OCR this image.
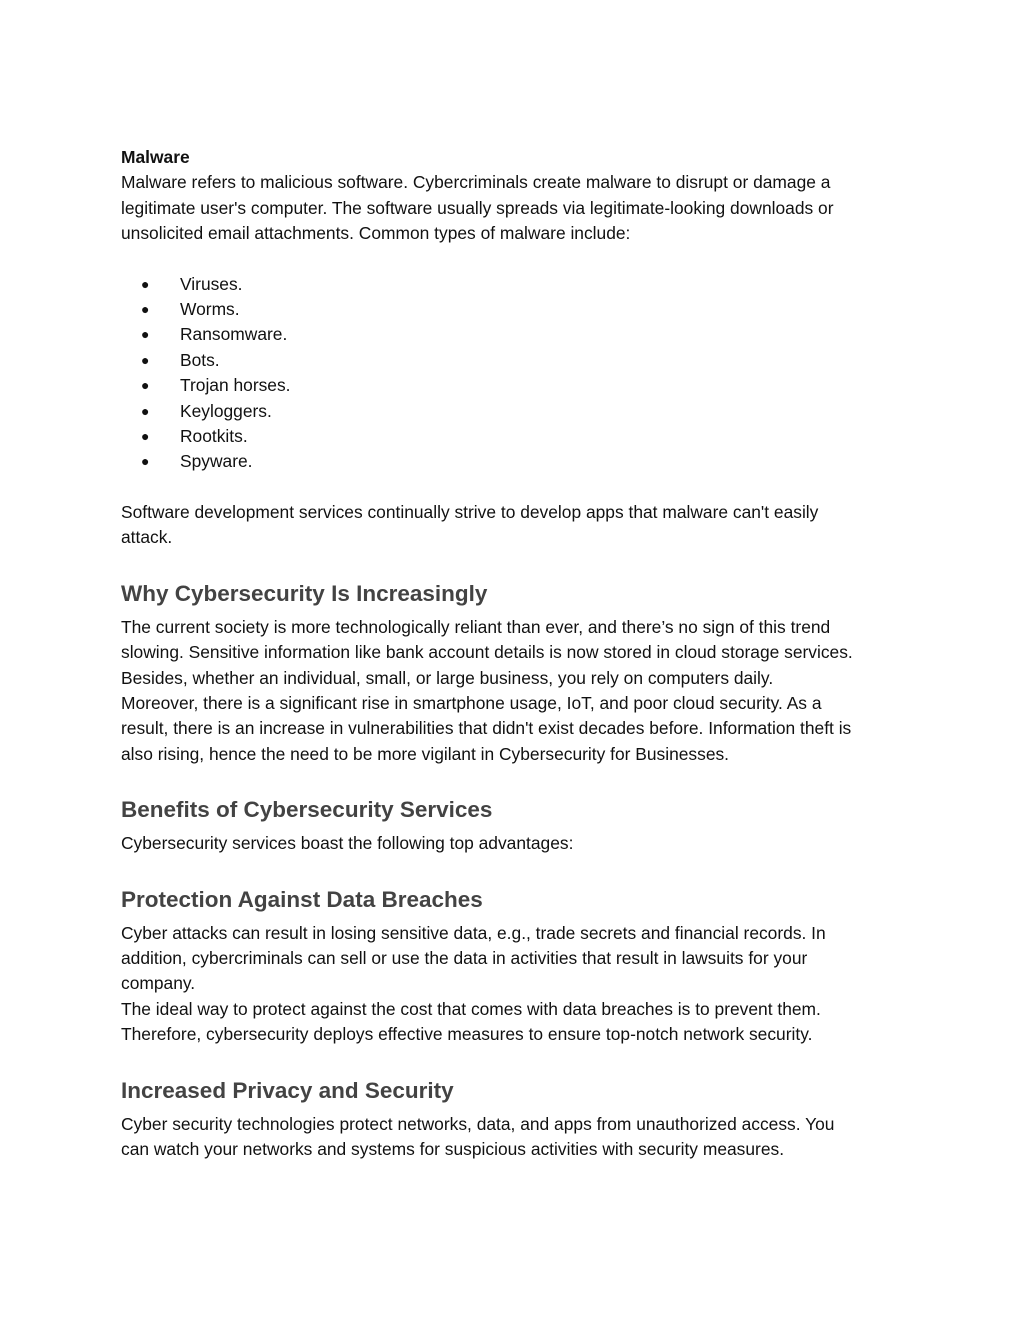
Malware

Malware refers to malicious software. Cybercriminals create malware to disrupt or damage a

legitimate user's computer. The software usually spreads via legitimate-looking downloads or

unsolicited email attachments. Common types of malware include:

● Viruses.
● Worms.
● Ransomware.
● Bots.
● Trojan horses.
● Keyloggers.
● Rootkits.
● Spyware.

Software development services continually strive to develop apps that malware can't easily

attack.

Why Cybersecurity Is Increasingly

The current society is more technologically reliant than ever, and there’s no sign of this trend

slowing. Sensitive information like bank account details is now stored in cloud storage services.

Besides, whether an individual, small, or large business, you rely on computers daily.

Moreover, there is a significant rise in smartphone usage, IoT, and poor cloud security. As a

result, there is an increase in vulnerabilities that didn't exist decades before. Information theft is

also rising, hence the need to be more vigilant in Cybersecurity for Businesses.

Benefits of Cybersecurity Services

Cybersecurity services boast the following top advantages:

Protection Against Data Breaches

Cyber attacks can result in losing sensitive data, e.g., trade secrets and financial records. In

addition, cybercriminals can sell or use the data in activities that result in lawsuits for your

company.

The ideal way to protect against the cost that comes with data breaches is to prevent them.

Therefore, cybersecurity deploys effective measures to ensure top-notch network security.

Increased Privacy and Security

Cyber security technologies protect networks, data, and apps from unauthorized access. You

can watch your networks and systems for suspicious activities with security measures.
